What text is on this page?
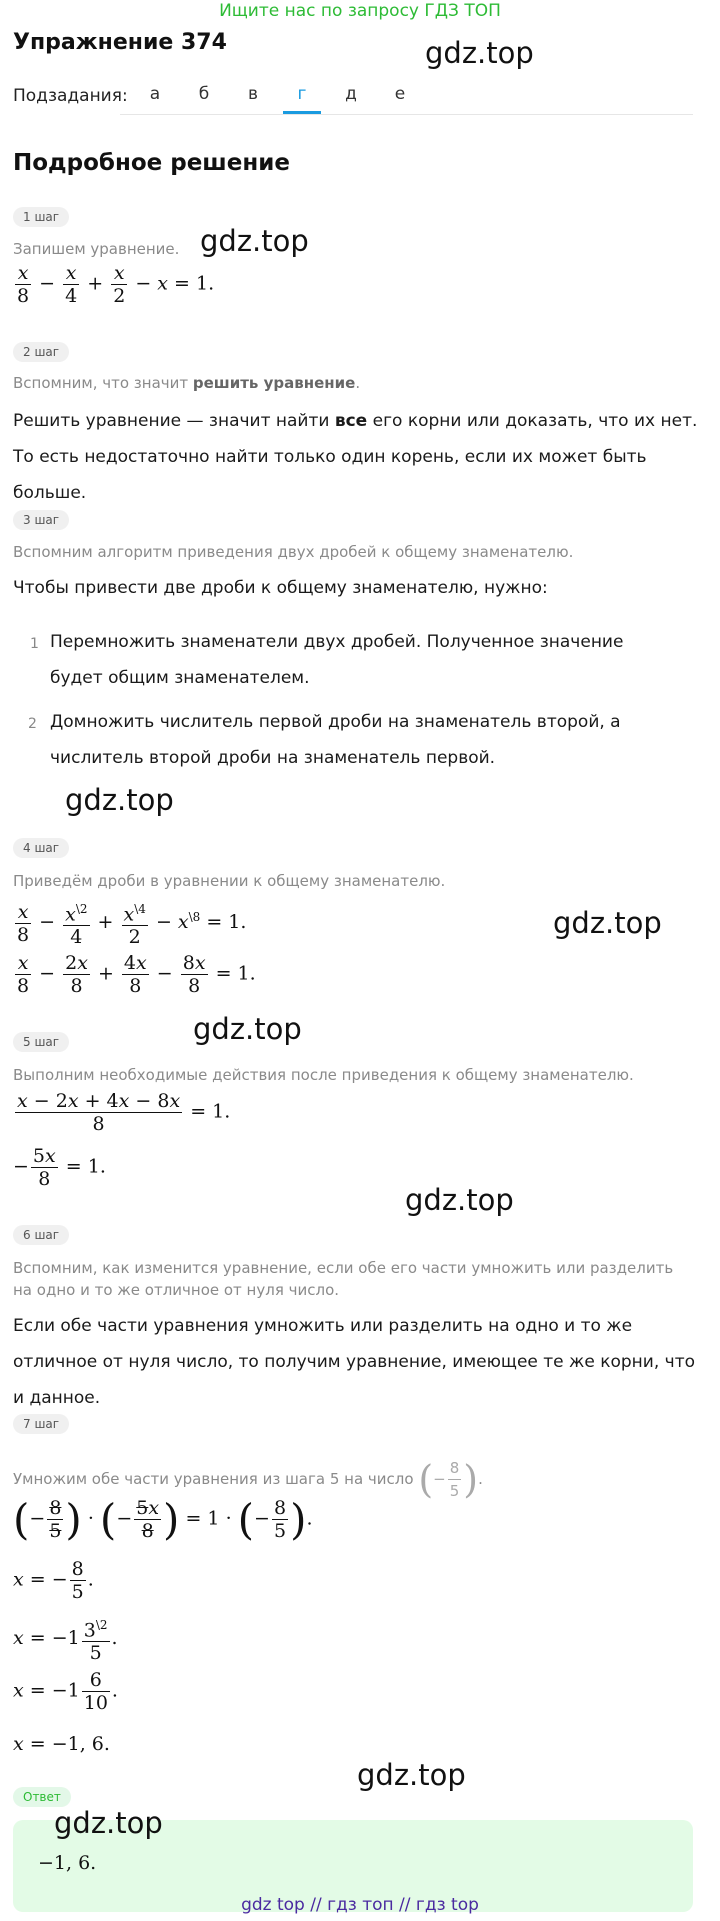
Ищите нас по запросу ГДЗ ТОП
Упражнение 374	gdz.top
Подзадания:	а	б	в	г	д	е
Подробное решение
1 шаг
Запишем уравнение. gdz.top
$\frac{x}{8} - \frac{x}{4} + \frac{x}{2} - x = 1$.
2 шаг
Вспомним, что значит решить уравнение.
Решить уравнение — значит найти все его корни или доказать, что их нет. То есть недостаточно найти только один корень, если их может быть больше.
3 шаг
Вспомним алгоритм приведения двух дробей к общему знаменателю.
Чтобы привести две дроби к общему знаменателю, нужно:
1 Перемножить знаменатели двух дробей. Полученное значение будет общим знаменателем.
2 Домножить числитель первой дроби на знаменатель второй, а числитель второй дроби на знаменатель первой.
gdz.top
4 шаг
Приведём дроби в уравнении к общему знаменателю.
$\frac{x}{8} - \frac{x^{\backslash 2}}{4} + \frac{x^{\backslash 4}}{2} - x^{\backslash 8} = 1$.	gdz.top
$\frac{x}{8} - \frac{2x}{8} + \frac{4x}{8} - \frac{8x}{8} = 1$.
gdz.top
5 шаг
Выполним необходимые действия после приведения к общему знаменателю.
$\frac{x - 2x + 4x - 8x}{8} = 1$.
− $\frac{5x}{8} = 1$.
gdz.top
6 шаг
Вспомним, как изменится уравнение, если обе его части умножить или разделить на одно и то же отличное от нуля число.
Если обе части уравнения умножить или разделить на одно и то же отличное от нуля число, то получим уравнение, имеющее те же корни, что и данное.
7 шаг
Умножим обе части уравнения из шага 5 на число (− $\frac{8}{5}$ ).
(− $\frac{8}{5}$ ) · (− $\frac{5x}{8}$ ) = 1 · (− $\frac{8}{5}$ ).
x = − $\frac{8}{5}$ .
$x = -1 \frac{3^{\backslash 2}}{5}$ .
$x = -1 \frac{6}{10}$ .
x = −1, 6.
gdz.top
Ответ
gdz.top
−1, 6.
gdz top // гдз топ // гдз top
